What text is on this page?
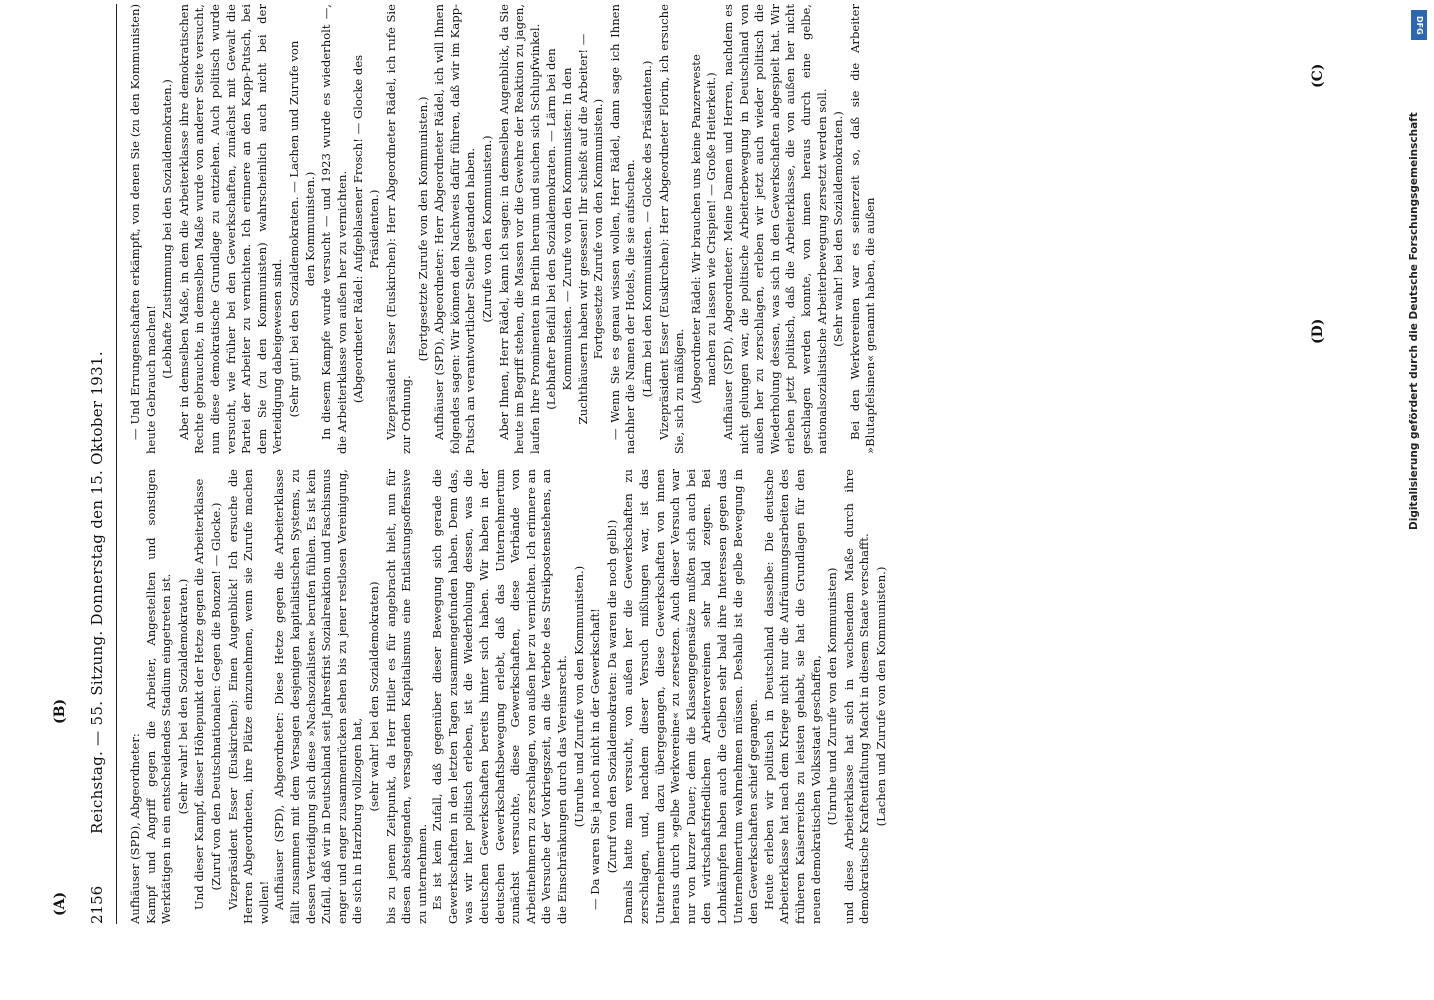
2156
Reichstag. — 55. Sitzung. Donnerstag den 15. Oktober 1931. Aufhäuser (SPD), Abgeordneter: Kampf und Angriff gegen die Arbeiter, Angestellten und sonstigen Werktätigen in ein entscheidendes Stadium eingetreten ist. (Sehr wahr! bei den Sozialdemokraten.) Und dieser Kampf, dieser Höhepunkt der Hetze gegen die Arbeiterklasse (Zuruf von den Deutschnationalen: Gegen die Bonzen! — Glocke.) Vizepräsident Esser (Euskirchen): Einen Augenblick! Ich ersuche die Herren Abgeordneten, ihre Plätze einzunehmen, wenn sie Zurufe machen wollen! Aufhäuser (SPD), Abgeordneter: Diese Hetze gegen die Arbeiterklasse fällt zusammen mit dem Versagen desjenigen kapitalistischen Systems, zu dessen Verteidigung sich diese »Nachsozialisten« berufen fühlen. Es ist kein Zufall, daß wir in Deutschland seit Jahresfrist Sozialreaktion und Faschismus enger und enger zusammenrücken sehen bis zu jener restlosen Vereinigung, die sich in Harzburg vollzogen hat,

(sehr wahr! bei den Sozialdemokraten) bis zu jenem Zeitpunkt, da Herr Hitler es für angebracht hielt, nun für diesen absteigenden, versagenden Kapitalismus eine Entlastungsoffensive zu unternehmen. Es ist kein Zufall, daß gegenüber dieser Bewegung sich gerade die Gewerkschaften in den letzten Tagen zusammengefunden haben. Denn das, was wir hier politisch erleben, ist die Wiederholung dessen, was die deutschen Gewerkschaften bereits hinter sich haben. Wir haben in der deutschen Gewerkschaftsbewegung erlebt, daß das Unternehmertum zunächst versuchte, diese Gewerkschaften, diese Verbände von Arbeitnehmern zu zerschlagen, von außen her zu vernichten. Ich erinnere an die Versuche der Vorkriegszeit, an die Verbote des Streikpostenstehens, an die Einschränkungen durch das Vereinsrecht. (Unruhe und Zurufe von den Kommunisten.) — Da waren Sie ja noch nicht in der Gewerkschaft! (Zuruf von den Sozialdemokraten: Da waren die noch gelb!) Damals hatte man versucht, von außen her die Gewerkschaften zu zerschlagen, und, nachdem dieser Versuch mißlungen war, ist das Unternehmertum dazu übergegangen, diese Gewerkschaften von innen heraus durch »gelbe Werkvereine« zu zersetzen. Auch dieser Versuch war nur von kurzer Dauer; denn die Klassengegensätze mußten sich auch bei den wirtschaftsfriedlichen Arbeitervereinen sehr bald zeigen. Bei Lohnkämpfen haben auch die Gelben sehr bald ihre Interessen gegen das Unternehmertum wahrnehmen müssen. Deshalb ist die gelbe Bewegung in den Gewerkschaften schief gegangen. Heute erleben wir politisch in Deutschland dasselbe: Die deutsche Arbeiterklasse hat nach dem Kriege nicht nur die Aufräumungsarbeiten des früheren Kaiserreichs zu leisten gehabt, sie hat die Grundlagen für den neuen demokratischen Volksstaat geschaffen, (Unruhe und Zurufe von den Kommunisten) und diese Arbeiterklasse hat sich in wachsendem Maße durch ihre demokratische Kraftentfaltung Macht in diesem Staate verschafft. (Lachen und Zurufe von den Kommunisten.)

— Und Errungenschaften erkämpft, von denen Sie (zu den Kommunisten) heute Gebrauch machen!

(Lebhafte Zustimmung bei den Sozialdemokraten.) Aber in demselben Maße, in dem die Arbeiterklasse ihre demokratischen Rechte gebrauchte, in demselben Maße wurde von anderer Seite versucht, nun diese demokratische Grundlage zu entziehen. Auch politisch wurde versucht, wie früher bei den Gewerkschaften, zunächst mit Gewalt die Partei der Arbeiter zu vernichten. Ich erinnere an den Kapp-Putsch, bei dem Sie (zu den Kommunisten) wahrscheinlich auch nicht bei der Verteidigung dabeigewesen sind. (Sehr gut! bei den Sozialdemokraten. — Lachen und Zurufe von den Kommunisten.) In diesem Kampfe wurde versucht — und 1923 wurde es wiederholt —, die Arbeiterklasse von außen her zu vernichten. (Abgeordneter Rädel: Aufgeblasener Frosch! — Glocke des Präsidenten.) Vizepräsident Esser (Euskirchen): Herr Abgeordneter Rädel, ich rufe Sie zur Ordnung.

(Fortgesetzte Zurufe von den Kommunisten.) Aufhäuser (SPD), Abgeordneter: Herr Abgeordneter Rädel, ich will Ihnen folgendes sagen: Wir können den Nachweis dafür führen, daß wir im Kapp-Putsch an verantwortlicher Stelle gestanden haben. (Zurufe von den Kommunisten.) Aber Ihnen, Herr Rädel, kann ich sagen: in demselben Augenblick, da Sie heute im Begriff stehen, die Massen vor die Gewehre der Reaktion zu jagen, laufen Ihre Prominenten in Berlin herum und suchen sich Schlupfwinkel. (Lebhafter Beifall bei den Sozialdemokraten. — Lärm bei den Kommunisten. — Zurufe von den Kommunisten: In den Zuchthäusern haben wir gesessen! Ihr schießt auf die Arbeiter! — Fortgesetzte Zurufe von den Kommunisten.) — Wenn Sie es genau wissen wollen, Herr Rädel, dann sage ich Ihnen nachher die Namen der Hotels, die sie aufsuchen. (Lärm bei den Kommunisten. — Glocke des Präsidenten.) Vizepräsident Esser (Euskirchen): Herr Abgeordneter Florin, ich ersuche Sie, sich zu mäßigen. (Abgeordneter Rädel: Wir brauchen uns keine Panzerweste machen zu lassen wie Crispien! — Große Heiterkeit.) Aufhäuser (SPD), Abgeordneter: Meine Damen und Herren, nachdem es nicht gelungen war, die politische Arbeiterbewegung in Deutschland von außen her zu zerschlagen, erleben wir jetzt auch wieder politisch die Wiederholung dessen, was sich in den Gewerkschaften abgespielt hat. Wir erleben jetzt politisch, daß die Arbeiterklasse, die von außen her nicht geschlagen werden konnte, von innen heraus durch eine gelbe, nationalsozialistische Arbeiterbewegung zersetzt werden soll. (Sehr wahr! bei den Sozialdemokraten.) Bei den Werkvereinen war es seinerzeit so, daß sie die Arbeiter »Blutapfelsinen« genannt haben, die außen

(A)
(B)
(C)
(D)
DFG
Digitalisierung gefördert durch die Deutsche Forschungsgemeinschaft
